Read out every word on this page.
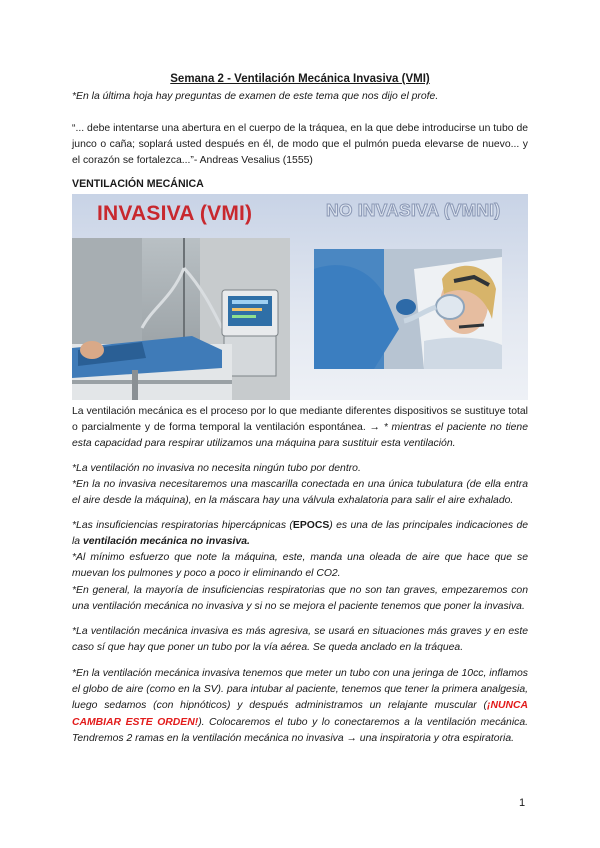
Semana 2 - Ventilación Mecánica Invasiva (VMI)
*En la última hoja hay preguntas de examen de este tema que nos dijo el profe.
“... debe intentarse una abertura en el cuerpo de la tráquea, en la que debe introducirse un tubo de junco o caña; soplará usted después en él, de modo que el pulmón pueda elevarse de nuevo... y el corazón se fortalezca...”- Andreas Vesalius (1555)
VENTILACIÓN MECÁNICA
INVASIVA (VMI)	NO INVASIVA (VMNI)
La ventilación mecánica es el proceso por lo que mediante diferentes dispositivos se sustituye total o parcialmente y de forma temporal la ventilación espontánea. → * mientras el paciente no tiene esta capacidad para respirar utilizamos una máquina para sustituir esta ventilación.
*La ventilación no invasiva no necesita ningún tubo por dentro.
*En la no invasiva necesitaremos una mascarilla conectada en una única tubulatura (de ella entra el aire desde la máquina), en la máscara hay una válvula exhalatoria para salir el aire exhalado.
*Las insuficiencias respiratorias hipercápnicas (EPOCS) es una de las principales indicaciones de la ventilación mecánica no invasiva.
*Al mínimo esfuerzo que note la máquina, este, manda una oleada de aire que hace que se muevan los pulmones y poco a poco ir eliminando el CO2.
*En general, la mayoría de insuficiencias respiratorias que no son tan graves, empezaremos con una ventilación mecánica no invasiva y si no se mejora el paciente tenemos que poner la invasiva.
*La ventilación mecánica invasiva es más agresiva, se usará en situaciones más graves y en este caso sí que hay que poner un tubo por la vía aérea. Se queda anclado en la tráquea.
*En la ventilación mecánica invasiva tenemos que meter un tubo con una jeringa de 10cc, inflamos el globo de aire (como en la SV). para intubar al paciente, tenemos que tener la primera analgesia, luego sedamos (con hipnóticos) y después administramos un relajante muscular (¡NUNCA CAMBIAR ESTE ORDEN!). Colocaremos el tubo y lo conectaremos a la ventilación mecánica. Tendremos 2 ramas en la ventilación mecánica no invasiva → una inspiratoria y otra espiratoria.
1
